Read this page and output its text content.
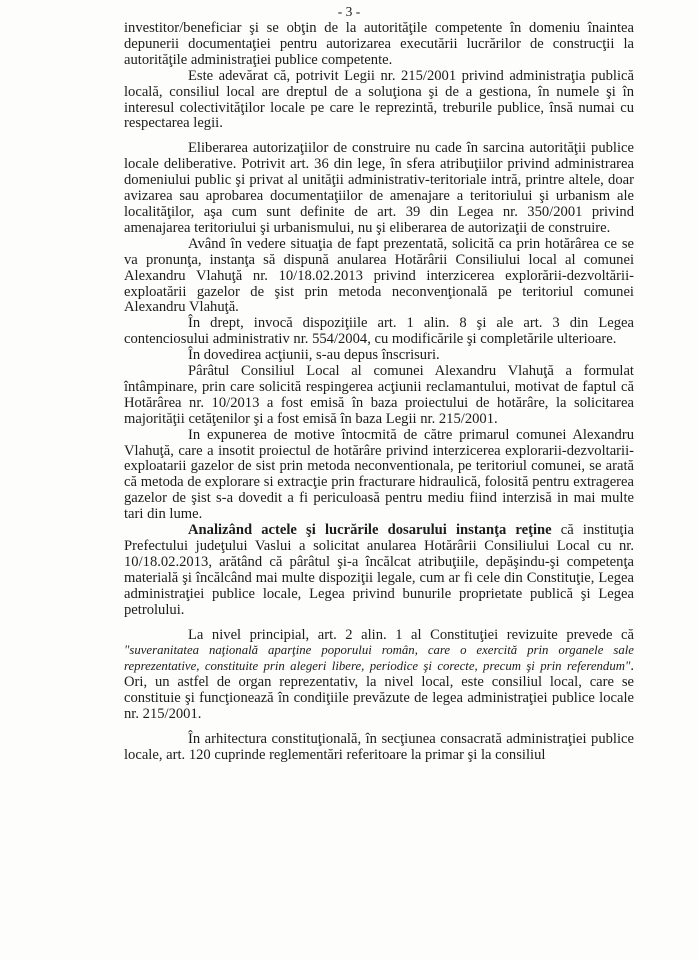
- 3 -

investitor/beneficiar şi se obţin de la autorităţile competente în domeniu înaintea depunerii documentaţiei pentru autorizarea executării lucrărilor de construcţii la autorităţile administraţiei publice competente.

Este adevărat că, potrivit Legii nr. 215/2001 privind administraţia publică locală, consiliul local are dreptul de a soluţiona şi de a gestiona, în numele şi în interesul colectivităţilor locale pe care le reprezintă, treburile publice, însă numai cu respectarea legii.

Eliberarea autorizaţiilor de construire nu cade în sarcina autorităţii publice locale deliberative. Potrivit art. 36 din lege, în sfera atribuţiilor privind administrarea domeniului public şi privat al unităţii administrativ-teritoriale intră, printre altele, doar avizarea sau aprobarea documentaţiilor de amenajare a teritoriului şi urbanism ale localităţilor, aşa cum sunt definite de art. 39 din Legea nr. 350/2001 privind amenajarea teritoriului şi urbanismului, nu şi eliberarea de autorizaţii de construire.

Având în vedere situaţia de fapt prezentată, solicită ca prin hotărârea ce se va pronunţa, instanţa să dispună anularea Hotărârii Consiliului local al comunei Alexandru Vlahuţă nr. 10/18.02.2013 privind interzicerea explorării-dezvoltării-exploatării gazelor de şist prin metoda neconvenţională pe teritoriul comunei Alexandru Vlahuţă.

În drept, invocă dispoziţiile art. 1 alin. 8 şi ale art. 3 din Legea contenciosului administrativ nr. 554/2004, cu modificările şi completările ulterioare.

În dovedirea acţiunii, s-au depus înscrisuri.

Pârâtul Consiliul Local al comunei Alexandru Vlahuţă a formulat întâmpinare, prin care solicită respingerea acţiunii reclamantului, motivat de faptul că Hotărârea nr. 10/2013 a fost emisă în baza proiectului de hotărâre, la solicitarea majorităţii cetăţenilor şi a fost emisă în baza Legii nr. 215/2001.

In expunerea de motive întocmită de către primarul comunei Alexandru Vlahuţă, care a insotit proiectul de hotărâre privind interzicerea explorarii-dezvoltarii-exploatarii gazelor de sist prin metoda neconventionala, pe teritoriul comunei, se arată că metoda de explorare si extracţie prin fracturare hidraulică, folosită pentru extragerea gazelor de şist s-a dovedit a fi periculoasă pentru mediu fiind interzisă in mai multe tari din lume.

Analizând actele şi lucrările dosarului instanţa reţine că instituţia Prefectului judeţului Vaslui a solicitat anularea Hotărârii Consiliului Local cu nr. 10/18.02.2013, arătând că pârâtul şi-a încălcat atribuţiile, depăşindu-şi competenţa materială şi încălcând mai multe dispoziţii legale, cum ar fi cele din Constituţie, Legea administraţiei publice locale, Legea privind bunurile proprietate publică şi Legea petrolului.

La nivel principial, art. 2 alin. 1 al Constituţiei revizuite prevede că "suveranitatea naţională aparţine poporului român, care o exercită prin organele sale reprezentative, constituite prin alegeri libere, periodice şi corecte, precum şi prin referendum". Ori, un astfel de organ reprezentativ, la nivel local, este consiliul local, care se constituie şi funcţionează în condiţiile prevăzute de legea administraţiei publice locale nr. 215/2001.

În arhitectura constituţională, în secţiunea consacrată administraţiei publice locale, art. 120 cuprinde reglementări referitoare la primar şi la consiliul
